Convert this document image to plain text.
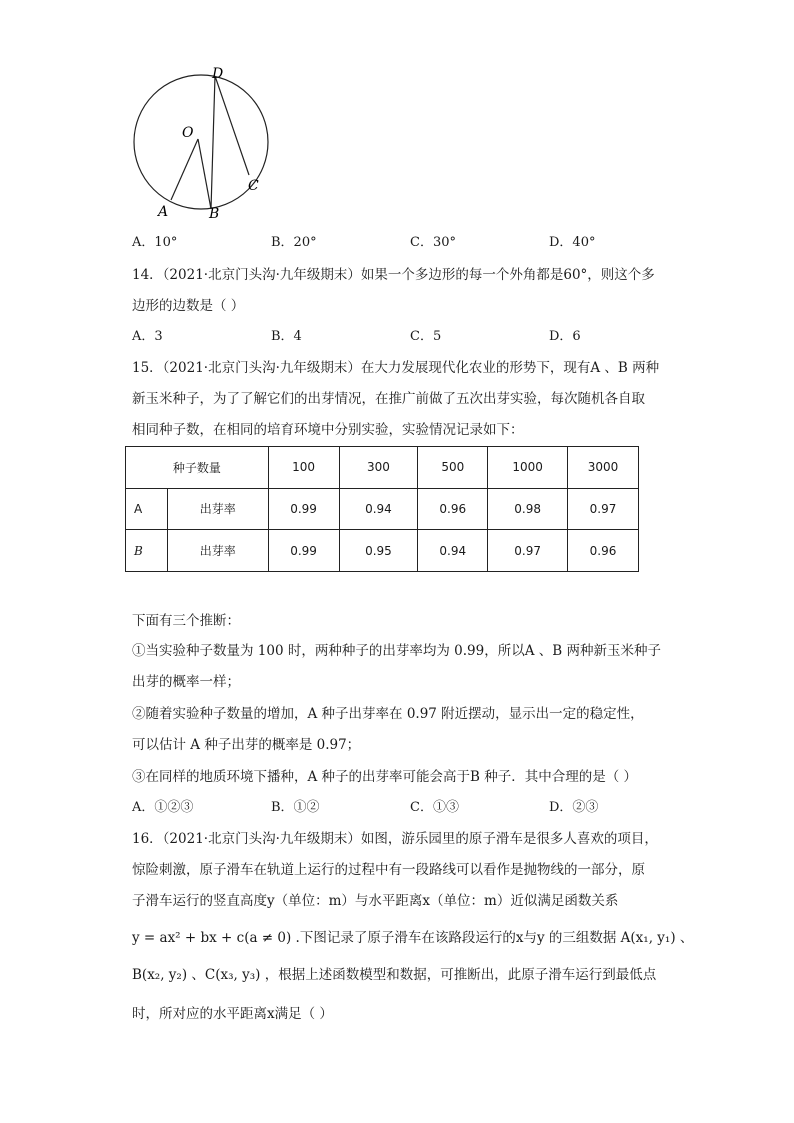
O
D
C
A	B
A．10°	B．20°	C．30°	D．40°
14．（2021·北京门头沟·九年级期末）如果一个多边形的每一个外角都是60°，则这个多
边形的边数是（ ）
A．3	B．4	C．5	D．6
15．（2021·北京门头沟·九年级期末）在大力发展现代化农业的形势下，现有A 、B 两种
新玉米种子，为了了解它们的出芽情况，在推广前做了五次出芽实验，每次随机各自取
相同种子数，在相同的培育环境中分别实验，实验情况记录如下：
种子数量		100	300	500	1000	3000
A	出芽率	0.99	0.94	0.96	0.98	0.97
B	出芽率	0.99	0.95	0.94	0.97	0.96
下面有三个推断：
①当实验种子数量为 100 时，两种种子的出芽率均为 0.99，所以A 、B 两种新玉米种子
出芽的概率一样；
②随着实验种子数量的增加，A 种子出芽率在 0.97 附近摆动，显示出一定的稳定性，
可以估计 A 种子出芽的概率是 0.97；
③在同样的地质环境下播种，A 种子的出芽率可能会高于B 种子．其中合理的是（ ）
A．①②③	B．①②	C．①③	D．②③
16．（2021·北京门头沟·九年级期末）如图，游乐园里的原子滑车是很多人喜欢的项目，
惊险刺激，原子滑车在轨道上运行的过程中有一段路线可以看作是抛物线的一部分，原
子滑车运行的竖直高度y（单位：m）与水平距离x（单位：m）近似满足函数关系
y = ax² + bx + c(a ≠ 0) .下图记录了原子滑车在该路段运行的x与y 的三组数据 A(x₁, y₁) 、
B(x₂, y₂) 、C(x₃, y₃) ，根据上述函数模型和数据，可推断出，此原子滑车运行到最低点
时，所对应的水平距离x满足（ ）
